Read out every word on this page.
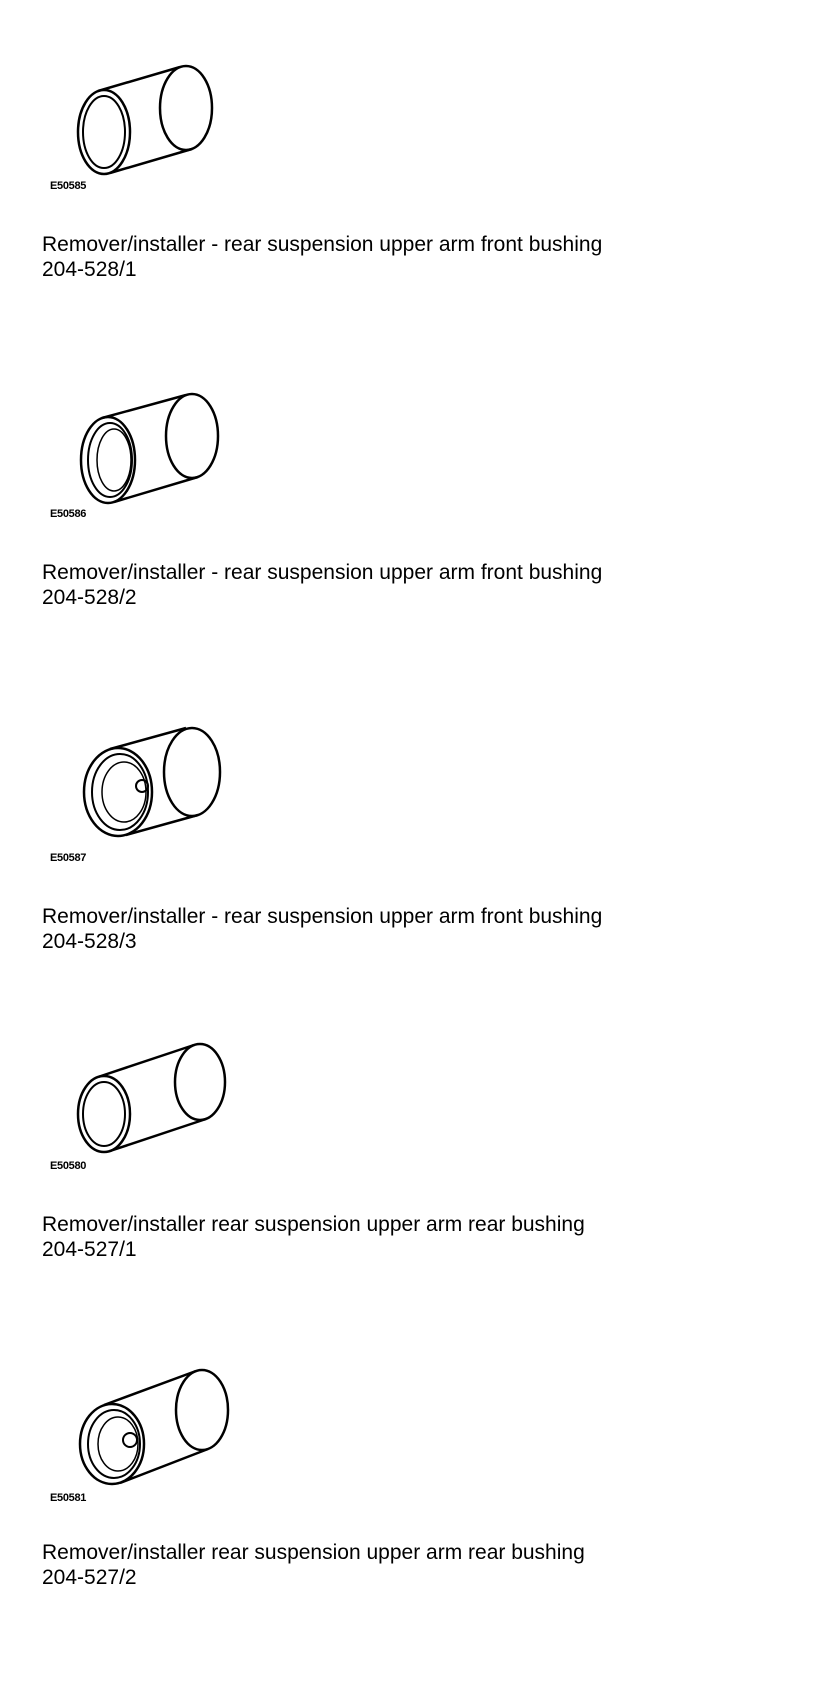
E50585
Remover/installer - rear suspension upper arm front bushing
204-528/1
E50586
Remover/installer - rear suspension upper arm front bushing
204-528/2
E50587
Remover/installer - rear suspension upper arm front bushing
204-528/3
E50580
Remover/installer rear suspension upper arm rear bushing
204-527/1
E50581
Remover/installer rear suspension upper arm rear bushing
204-527/2
